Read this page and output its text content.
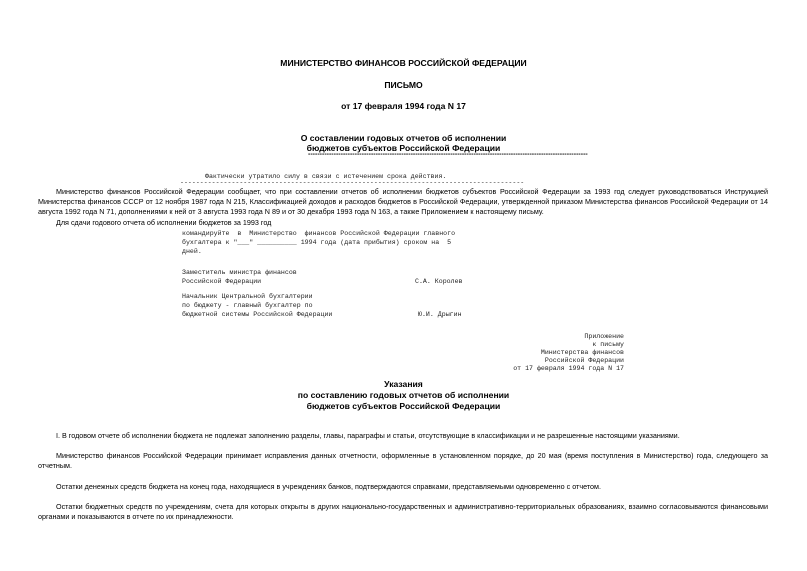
МИНИСТЕРСТВО ФИНАНСОВ РОССИЙСКОЙ ФЕДЕРАЦИИ
ПИСЬМО
от 17 февраля 1994 года N 17
О составлении годовых отчетов об исполнении
бюджетов субъектов Российской Федерации
------------------------------------------------------------------------------------------------------------------------
Фактически утратило силу в связи с истечением срока действия.
---------------------------------------------------------------------------------------

Министерство финансов Российской Федерации сообщает, что при составлении отчетов об исполнении бюджетов субъектов Российской Федерации за 1993 год следует руководствоваться Инструкцией Министерства финансов СССР от 12 ноября 1987 года N 215, Классификацией доходов и расходов бюджетов в Российской Федерации, утвержденной приказом Министерства финансов Российской Федерации от 14 августа 1992 года N 71, дополнениями к ней от 3 августа 1993 года N 89 и от 30 декабря 1993 года N 163, а также Приложением к настоящему письму.

Для сдачи годового отчета об исполнении бюджетов за 1993 год

командируйте  в  Министерство  финансов Российской Федерации главного
бухгалтера к "___" __________ 1994 года (дата прибытия) сроком на  5
дней.
Заместитель министра финансов
Российской Федерации	С.А. Королев
Начальник Центральной бухгалтерии
по бюджету - главный бухгалтер по
бюджетной системы Российской Федерации	Ю.И. Дрыгин
Приложение
к письму
Министерства финансов
Российской Федерации
от 17 февраля 1994 года N 17
Указания
по составлению годовых отчетов об исполнении
бюджетов субъектов Российской Федерации

I. В годовом отчете об исполнении бюджета не подлежат заполнению разделы, главы, параграфы и статьи, отсутствующие в классификации и не разрешенные настоящими указаниями.

Министерство финансов Российской Федерации принимает исправления данных отчетности, оформленные в установленном порядке, до 20 мая (время поступления в Министерство) года, следующего за отчетным.

Остатки денежных средств бюджета на конец года, находящиеся в учреждениях банков, подтверждаются справками, представляемыми одновременно с отчетом.

Остатки бюджетных средств по учреждениям, счета для которых открыты в других национально-государственных и административно-территориальных образованиях, взаимно согласовываются финансовыми органами и показываются в отчете по их принадлежности.
